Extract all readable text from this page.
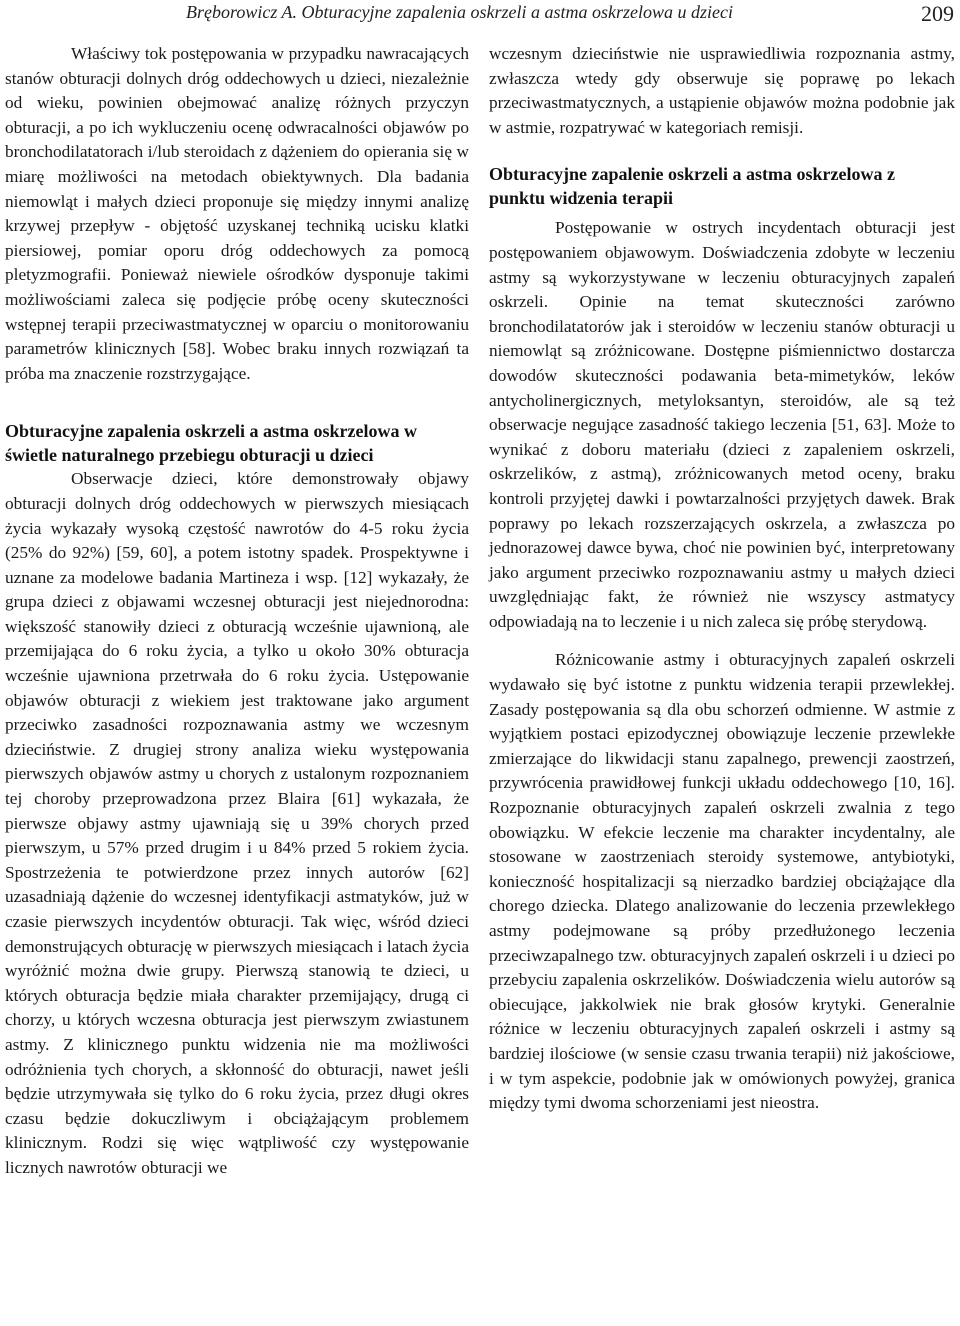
Bręborowicz A. Obturacyjne zapalenia oskrzeli a astma oskrzelowa u dzieci	209

Właściwy tok postępowania w przypadku nawracających stanów obturacji dolnych dróg oddechowych u dzieci, niezależnie od wieku, powinien obejmować analizę różnych przyczyn obturacji, a po ich wykluczeniu ocenę odwracalności objawów po bronchodilatatorach i/lub steroidach z dążeniem do opierania się w miarę możliwości na metodach obiektywnych. Dla badania niemowląt i małych dzieci proponuje się między innymi analizę krzywej przepływ - objętość uzyskanej techniką ucisku klatki piersiowej, pomiar oporu dróg oddechowych za pomocą pletyzmografii. Ponieważ niewiele ośrodków dysponuje takimi możliwościami zaleca się podjęcie próbę oceny skuteczności wstępnej terapii przeciwastmatycznej w oparciu o monitorowaniu parametrów klinicznych [58]. Wobec braku innych rozwiązań ta próba ma znaczenie rozstrzygające.

Obturacyjne zapalenia oskrzeli a astma oskrzelowa w świetle naturalnego przebiegu obturacji u dzieci

Obserwacje dzieci, które demonstrowały objawy obturacji dolnych dróg oddechowych w pierwszych miesiącach życia wykazały wysoką częstość nawrotów do 4-5 roku życia (25% do 92%) [59, 60], a potem istotny spadek. Prospektywne i uznane za modelowe badania Martineza i wsp. [12] wykazały, że grupa dzieci z objawami wczesnej obturacji jest niejednorodna: większość stanowiły dzieci z obturacją wcześnie ujawnioną, ale przemijająca do 6 roku życia, a tylko u około 30% obturacja wcześnie ujawniona przetrwała do 6 roku życia. Ustępowanie objawów obturacji z wiekiem jest traktowane jako argument przeciwko zasadności rozpoznawania astmy we wczesnym dzieciństwie. Z drugiej strony analiza wieku występowania pierwszych objawów astmy u chorych z ustalonym rozpoznaniem tej choroby przeprowadzona przez Blaira [61] wykazała, że pierwsze objawy astmy ujawniają się u 39% chorych przed pierwszym, u 57% przed drugim i u 84% przed 5 rokiem życia. Spostrzeżenia te potwierdzone przez innych autorów [62] uzasadniają dążenie do wczesnej identyfikacji astmatyków, już w czasie pierwszych incydentów obturacji. Tak więc, wśród dzieci demonstrujących obturację w pierwszych miesiącach i latach życia wyróżnić można dwie grupy. Pierwszą stanowią te dzieci, u których obturacja będzie miała charakter przemijający, drugą ci chorzy, u których wczesna obturacja jest pierwszym zwiastunem astmy. Z klinicznego punktu widzenia nie ma możliwości odróżnienia tych chorych, a skłonność do obturacji, nawet jeśli będzie utrzymywała się tylko do 6 roku życia, przez długi okres czasu będzie dokuczliwym i obciążającym problemem klinicznym. Rodzi się więc wątpliwość czy występowanie licznych nawrotów obturacji we

wczesnym dzieciństwie nie usprawiedliwia rozpoznania astmy, zwłaszcza wtedy gdy obserwuje się poprawę po lekach przeciwastmatycznych, a ustąpienie objawów można podobnie jak w astmie, rozpatrywać w kategoriach remisji.

Obturacyjne zapalenie oskrzeli a astma oskrzelowa z punktu widzenia terapii

Postępowanie w ostrych incydentach obturacji jest postępowaniem objawowym. Doświadczenia zdobyte w leczeniu astmy są wykorzystywane w leczeniu obturacyjnych zapaleń oskrzeli. Opinie na temat skuteczności zarówno bronchodilatatorów jak i steroidów w leczeniu stanów obturacji u niemowląt są zróżnicowane. Dostępne piśmiennictwo dostarcza dowodów skuteczności podawania beta-mimetyków, leków antycholinergicznych, metyloksantyn, steroidów, ale są też obserwacje negujące zasadność takiego leczenia [51, 63]. Może to wynikać z doboru materiału (dzieci z zapaleniem oskrzeli, oskrzelików, z astmą), zróżnicowanych metod oceny, braku kontroli przyjętej dawki i powtarzalności przyjętych dawek. Brak poprawy po lekach rozszerzających oskrzela, a zwłaszcza po jednorazowej dawce bywa, choć nie powinien być, interpretowany jako argument przeciwko rozpoznawaniu astmy u małych dzieci uwzględniając fakt, że również nie wszyscy astmatycy odpowiadają na to leczenie i u nich zaleca się próbę sterydową.

Różnicowanie astmy i obturacyjnych zapaleń oskrzeli wydawało się być istotne z punktu widzenia terapii przewlekłej. Zasady postępowania są dla obu schorzeń odmienne. W astmie z wyjątkiem postaci epizodycznej obowiązuje leczenie przewlekłe zmierzające do likwidacji stanu zapalnego, prewencji zaostrzeń, przywrócenia prawidłowej funkcji układu oddechowego [10, 16]. Rozpoznanie obturacyjnych zapaleń oskrzeli zwalnia z tego obowiązku. W efekcie leczenie ma charakter incydentalny, ale stosowane w zaostrzeniach steroidy systemowe, antybiotyki, konieczność hospitalizacji są nierzadko bardziej obciążające dla chorego dziecka. Dlatego analizowanie do leczenia przewlekłego astmy podejmowane są próby przedłużonego leczenia przeciwzapalnego tzw. obturacyjnych zapaleń oskrzeli i u dzieci po przebyciu zapalenia oskrzelików. Doświadczenia wielu autorów są obiecujące, jakkolwiek nie brak głosów krytyki. Generalnie różnice w leczeniu obturacyjnych zapaleń oskrzeli i astmy są bardziej ilościowe (w sensie czasu trwania terapii) niż jakościowe, i w tym aspekcie, podobnie jak w omówionych powyżej, granica między tymi dwoma schorzeniami jest nieostra.
